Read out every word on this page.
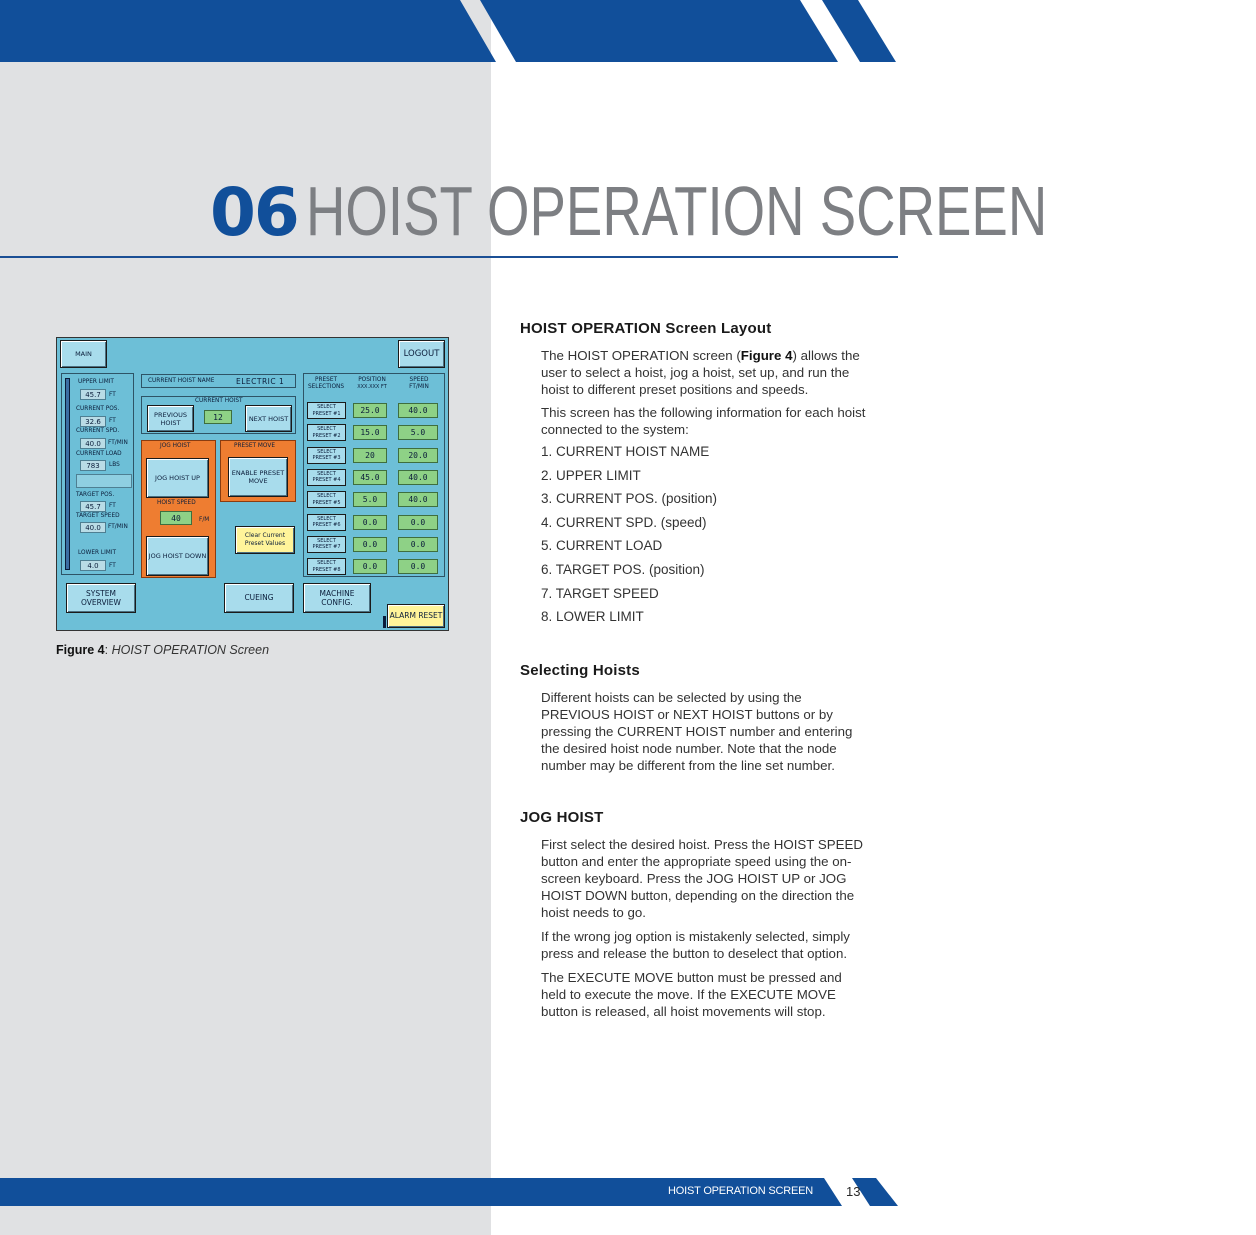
06 HOIST OPERATION SCREEN
MAIN	LOGOUT
UPPER LIMIT
45.7	FT
CURRENT POS.
32.6	FT
CURRENT SPD.
40.0	FT/MIN
CURRENT LOAD
783	LBS
TARGET POS.
45.7	FT
TARGET SPEED
40.0	FT/MIN
LOWER LIMIT
4.0	FT
CURRENT HOIST NAME	ELECTRIC 1
CURRENT HOIST
PREVIOUS HOIST
12	NEXT HOIST
JOG HOIST
JOG HOIST UP
HOIST SPEED
40	F/M
JOG HOIST DOWN
PRESET MOVE
ENABLE PRESET MOVE
Clear Current Preset Values
PRESET SELECTIONS
POSITION
XXX.XXX FT
SPEED FT/MIN
SELECT PRESET #1	25.0	40.0
SELECT PRESET #2	15.0	5.0
SELECT PRESET #3	20	20.0
SELECT PRESET #4	45.0	40.0
SELECT PRESET #5	5.0	40.0
SELECT PRESET #6	0.0	0.0
SELECT PRESET #7	0.0	0.0
SELECT PRESET #8	0.0	0.0
SYSTEM OVERVIEW
CUEING	MACHINE CONFIG.
ALARM RESET
Figure 4: HOIST OPERATION Screen
HOIST OPERATION Screen Layout
The HOIST OPERATION screen (Figure 4) allows the user to select a hoist, jog a hoist, set up, and run the hoist to different preset positions and speeds.
This screen has the following information for each hoist connected to the system:
1. CURRENT HOIST NAME
2. UPPER LIMIT
3. CURRENT POS. (position)
4. CURRENT SPD. (speed)
5. CURRENT LOAD
6. TARGET POS. (position)
7. TARGET SPEED
8. LOWER LIMIT
Selecting Hoists
Different hoists can be selected by using the PREVIOUS HOIST or NEXT HOIST buttons or by pressing the CURRENT HOIST number and entering the desired hoist node number. Note that the node number may be different from the line set number.
JOG HOIST
First select the desired hoist. Press the HOIST SPEED button and enter the appropriate speed using the on-screen keyboard. Press the JOG HOIST UP or JOG HOIST DOWN button, depending on the direction the hoist needs to go.
If the wrong jog option is mistakenly selected, simply press and release the button to deselect that option.
The EXECUTE MOVE button must be pressed and held to execute the move. If the EXECUTE MOVE button is released, all hoist movements will stop.
HOIST OPERATION SCREEN	13
